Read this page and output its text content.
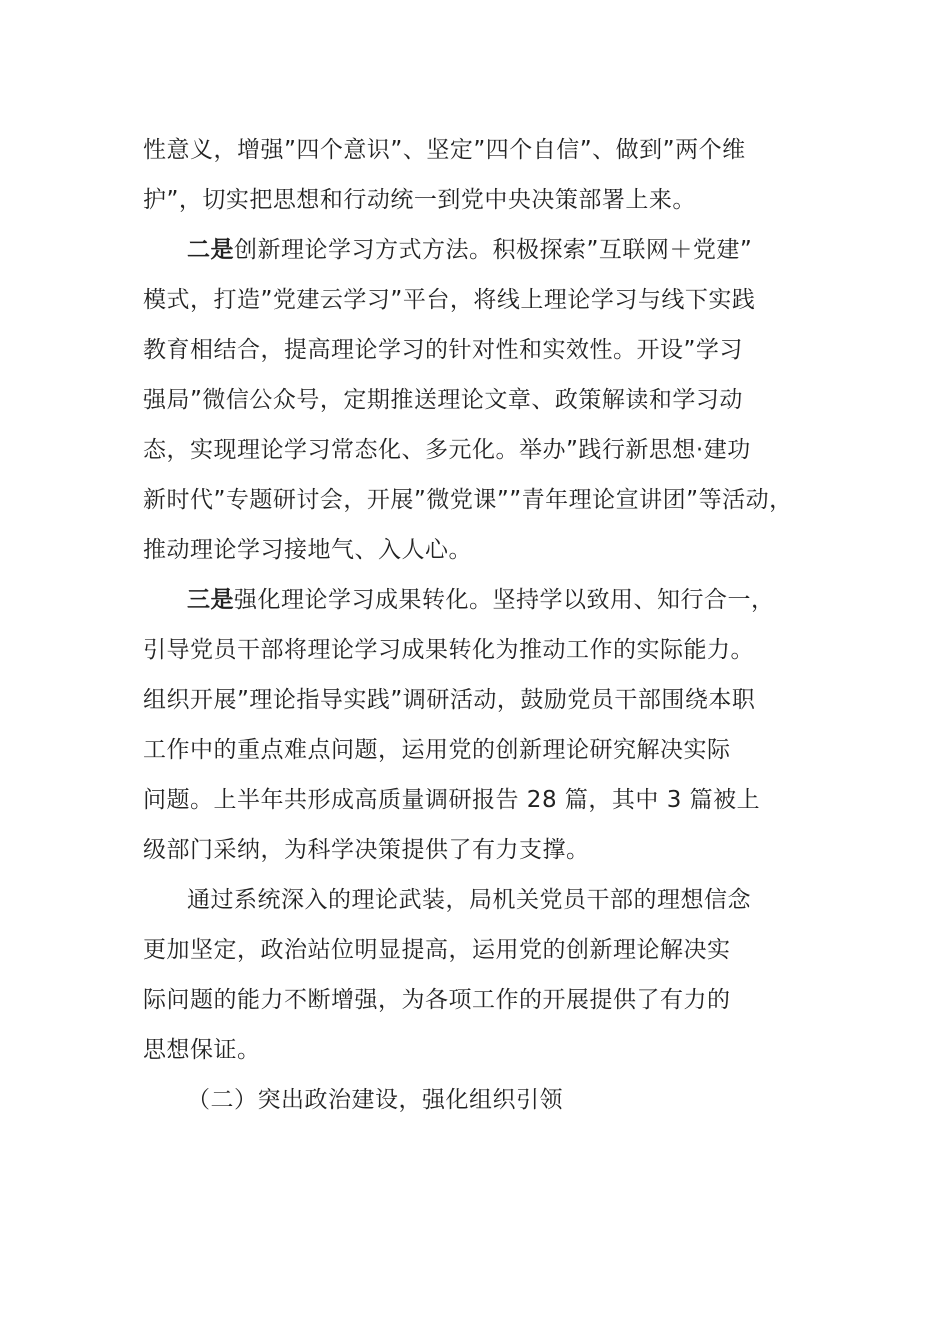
性意义，增强”四个意识”、坚定”四个自信”、做到”两个维
护”，切实把思想和行动统一到党中央决策部署上来。
二是创新理论学习方式方法。积极探索”互联网＋党建”
模式，打造”党建云学习”平台，将线上理论学习与线下实践
教育相结合，提高理论学习的针对性和实效性。开设”学习
强局”微信公众号，定期推送理论文章、政策解读和学习动
态，实现理论学习常态化、多元化。举办”践行新思想·建功
新时代”专题研讨会，开展”微党课””青年理论宣讲团”等活动，
推动理论学习接地气、入人心。
三是强化理论学习成果转化。坚持学以致用、知行合一，
引导党员干部将理论学习成果转化为推动工作的实际能力。
组织开展”理论指导实践”调研活动，鼓励党员干部围绕本职
工作中的重点难点问题，运用党的创新理论研究解决实际
问题。上半年共形成高质量调研报告 28 篇，其中 3 篇被上
级部门采纳，为科学决策提供了有力支撑。
通过系统深入的理论武装，局机关党员干部的理想信念
更加坚定，政治站位明显提高，运用党的创新理论解决实
际问题的能力不断增强，为各项工作的开展提供了有力的
思想保证。
（二）突出政治建设，强化组织引领
